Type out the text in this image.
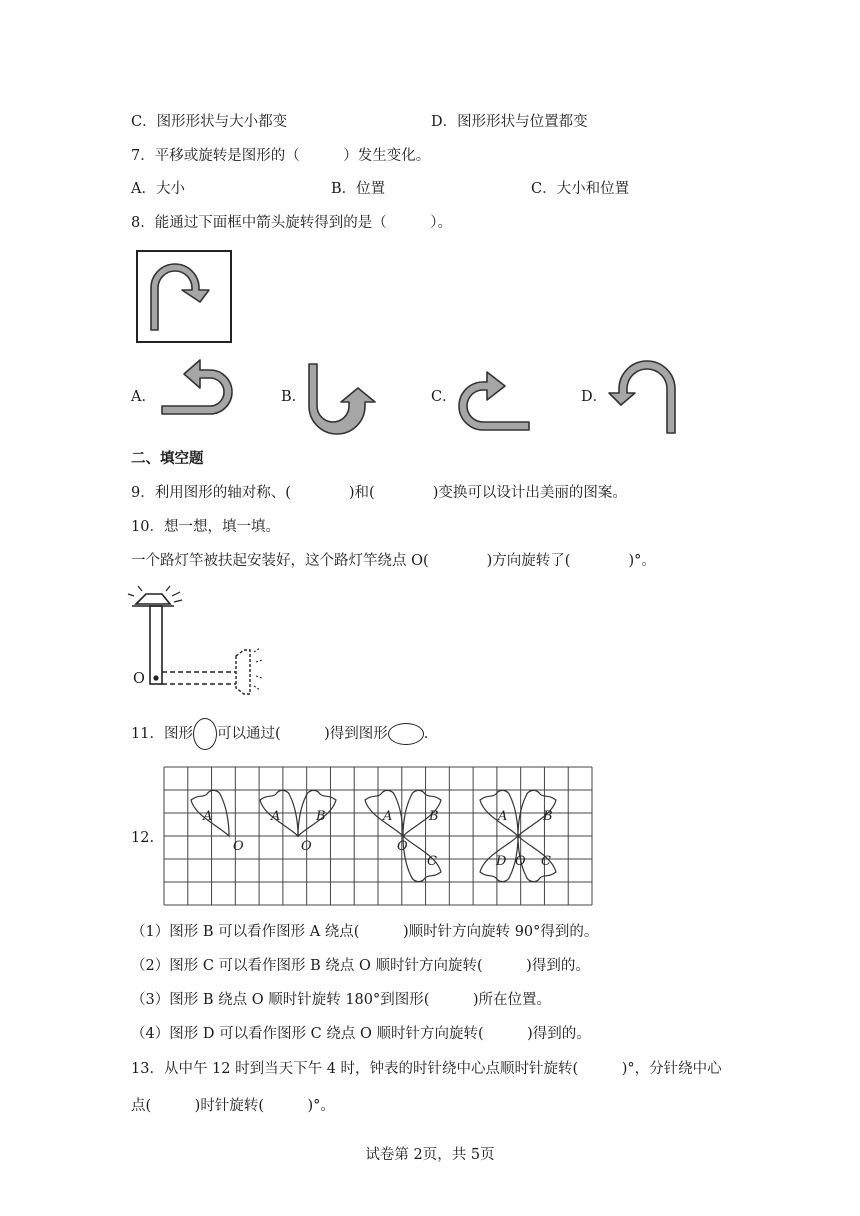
C．图形形状与大小都变	D．图形形状与位置都变
7．平移或旋转是图形的（　　　）发生变化。
A．大小	B．位置	C．大小和位置
8．能通过下面框中箭头旋转得到的是（　　　）。
A．	B．	C．	D．
二、填空题
9．利用图形的轴对称、(　　　　)和(　　　　)变换可以设计出美丽的图案。
10．想一想，填一填。
一个路灯竿被扶起安装好，这个路灯竿绕点 O(　　　　)方向旋转了(　　　　)°。
O
11．图形 可以通过(　　　)得到图形 .
12.
A
O
A	B
O
A	B
C
O
A	B
C
D O
（1）图形 B 可以看作图形 A 绕点(　　　)顺时针方向旋转 90°得到的。
（2）图形 C 可以看作图形 B 绕点 O 顺时针方向旋转(　　　)得到的。
（3）图形 B 绕点 O 顺时针旋转 180°到图形(　　　)所在位置。
（4）图形 D 可以看作图形 C 绕点 O 顺时针方向旋转(　　　)得到的。
13．从中午 12 时到当天下午 4 时，钟表的时针绕中心点顺时针旋转(　　　)°，分针绕中心
点(　　　)时针旋转(　　　)°。
试卷第 2页，共 5页
